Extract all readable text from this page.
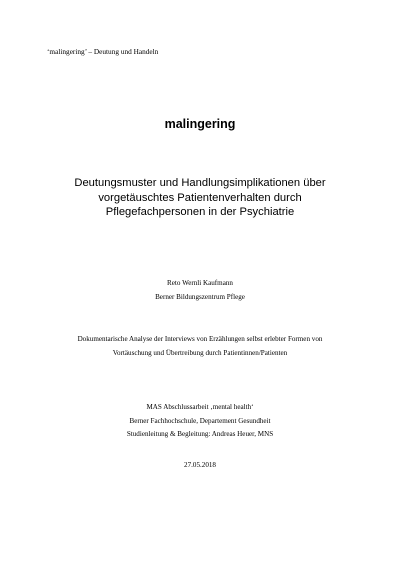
‘malingering’ – Deutung und Handeln
malingering
Deutungsmuster und Handlungsimplikationen über
vorgetäuschtes Patientenverhalten durch
Pflegefachpersonen in der Psychiatrie
Reto Wernli Kaufmann
Berner Bildungszentrum Pflege
Dokumentarische Analyse der Interviews von Erzählungen selbst erlebter Formen von
Vortäuschung und Übertreibung durch Patientinnen/Patienten
MAS Abschlussarbeit ‚mental health‘
Berner Fachhochschule, Departement Gesundheit
Studienleitung & Begleitung: Andreas Heuer, MNS
27.05.2018
